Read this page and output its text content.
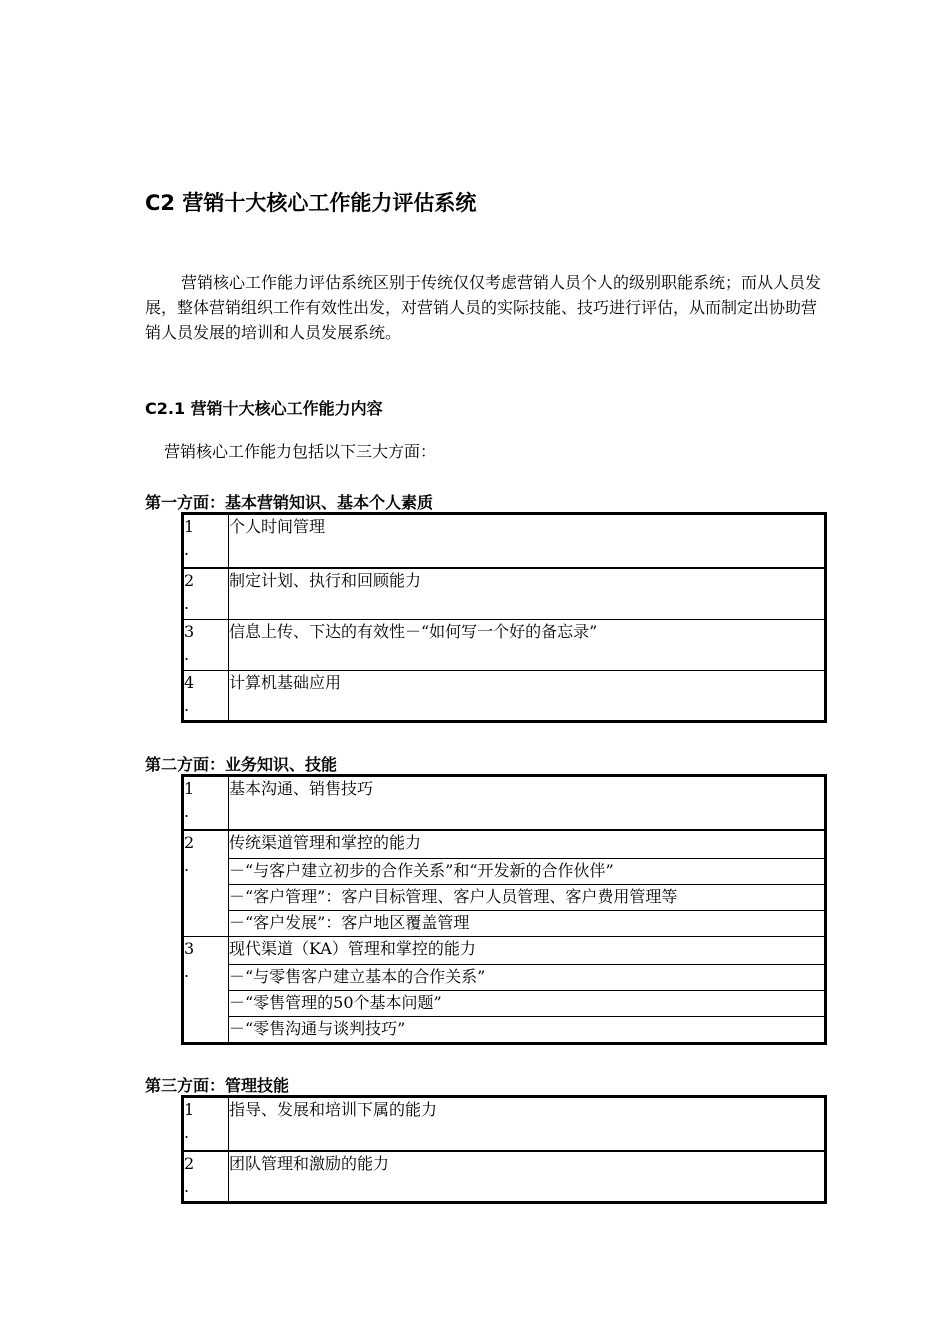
C2 营销十大核心工作能力评估系统
营销核心工作能力评估系统区别于传统仅仅考虑营销人员个人的级别职能系统；而从人员发展，整体营销组织工作有效性出发，对营销人员的实际技能、技巧进行评估，从而制定出协助营销人员发展的培训和人员发展系统。
C2.1 营销十大核心工作能力内容
营销核心工作能力包括以下三大方面：
第一方面：基本营销知识、基本个人素质
1
.	个人时间管理

2
.	制定计划、执行和回顾能力

3
.	信息上传、下达的有效性－“如何写一个好的备忘录”

4
.	计算机基础应用
第二方面：业务知识、技能
1
.	基本沟通、销售技巧

2
.	传统渠道管理和掌控的能力
	－“与客户建立初步的合作关系”和“开发新的合作伙伴”
	－“客户管理”：客户目标管理、客户人员管理、客户费用管理等
	－“客户发展”：客户地区覆盖管理

3
.	现代渠道（KA）管理和掌控的能力
	－“与零售客户建立基本的合作关系”
	－“零售管理的50个基本问题”
	－“零售沟通与谈判技巧”
第三方面：管理技能
1
.	指导、发展和培训下属的能力

2
.	团队管理和激励的能力
